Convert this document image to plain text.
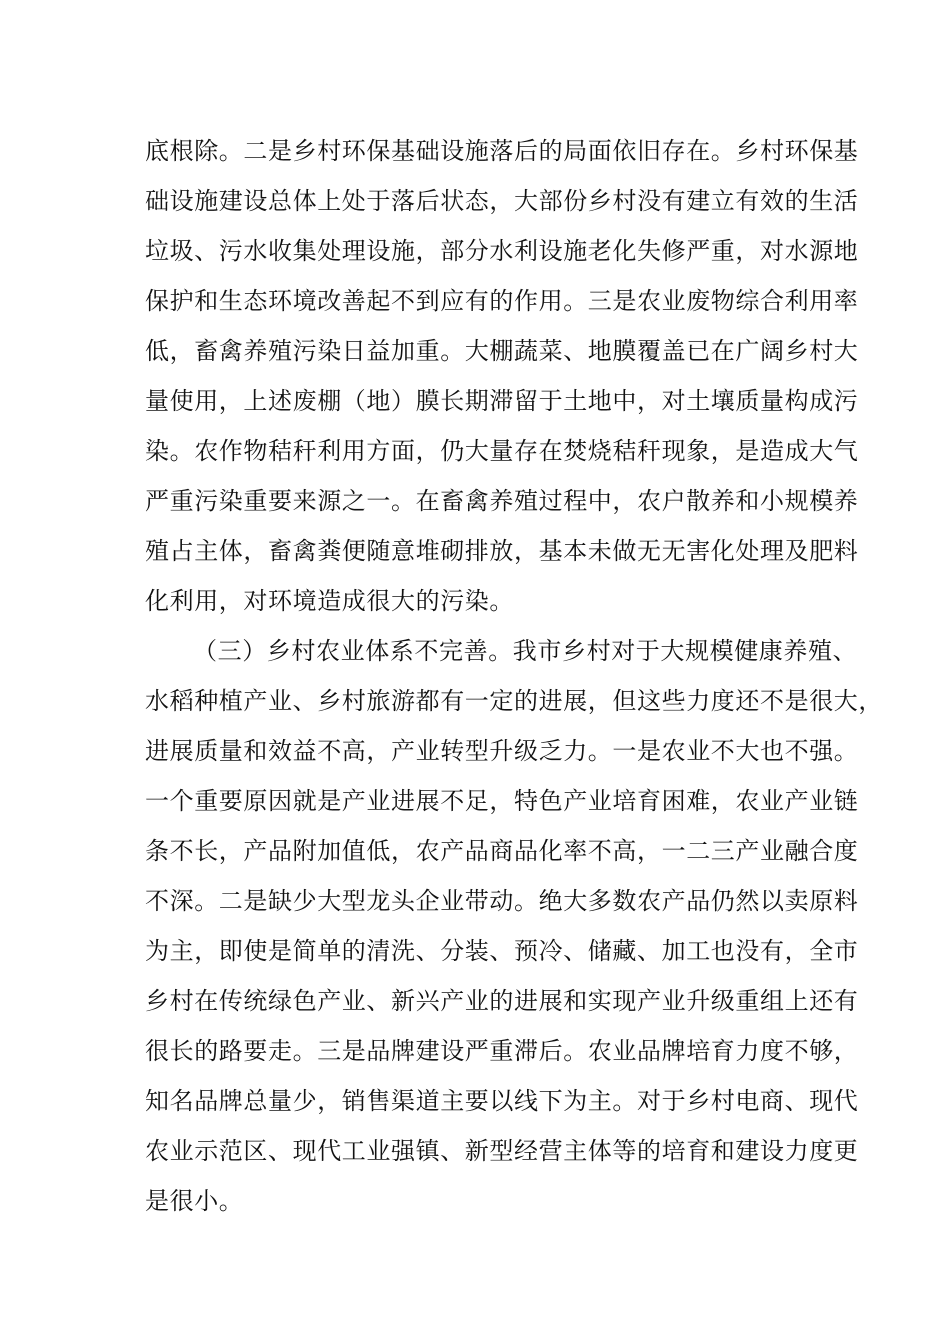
底根除。二是乡村环保基础设施落后的局面依旧存在。乡村环保基
础设施建设总体上处于落后状态，大部份乡村没有建立有效的生活
垃圾、污水收集处理设施，部分水利设施老化失修严重，对水源地
保护和生态环境改善起不到应有的作用。三是农业废物综合利用率
低，畜禽养殖污染日益加重。大棚蔬菜、地膜覆盖已在广阔乡村大
量使用，上述废棚（地）膜长期滞留于土地中，对土壤质量构成污
染。农作物秸秆利用方面，仍大量存在焚烧秸秆现象，是造成大气
严重污染重要来源之一。在畜禽养殖过程中，农户散养和小规模养
殖占主体，畜禽粪便随意堆砌排放，基本未做无无害化处理及肥料
化利用，对环境造成很大的污染。
（三）乡村农业体系不完善。我市乡村对于大规模健康养殖、
水稻种植产业、乡村旅游都有一定的进展，但这些力度还不是很大，
进展质量和效益不高，产业转型升级乏力。一是农业不大也不强。
一个重要原因就是产业进展不足，特色产业培育困难，农业产业链
条不长，产品附加值低，农产品商品化率不高，一二三产业融合度
不深。二是缺少大型龙头企业带动。绝大多数农产品仍然以卖原料
为主，即使是简单的清洗、分装、预冷、储藏、加工也没有，全市
乡村在传统绿色产业、新兴产业的进展和实现产业升级重组上还有
很长的路要走。三是品牌建设严重滞后。农业品牌培育力度不够，
知名品牌总量少，销售渠道主要以线下为主。对于乡村电商、现代
农业示范区、现代工业强镇、新型经营主体等的培育和建设力度更
是很小。
